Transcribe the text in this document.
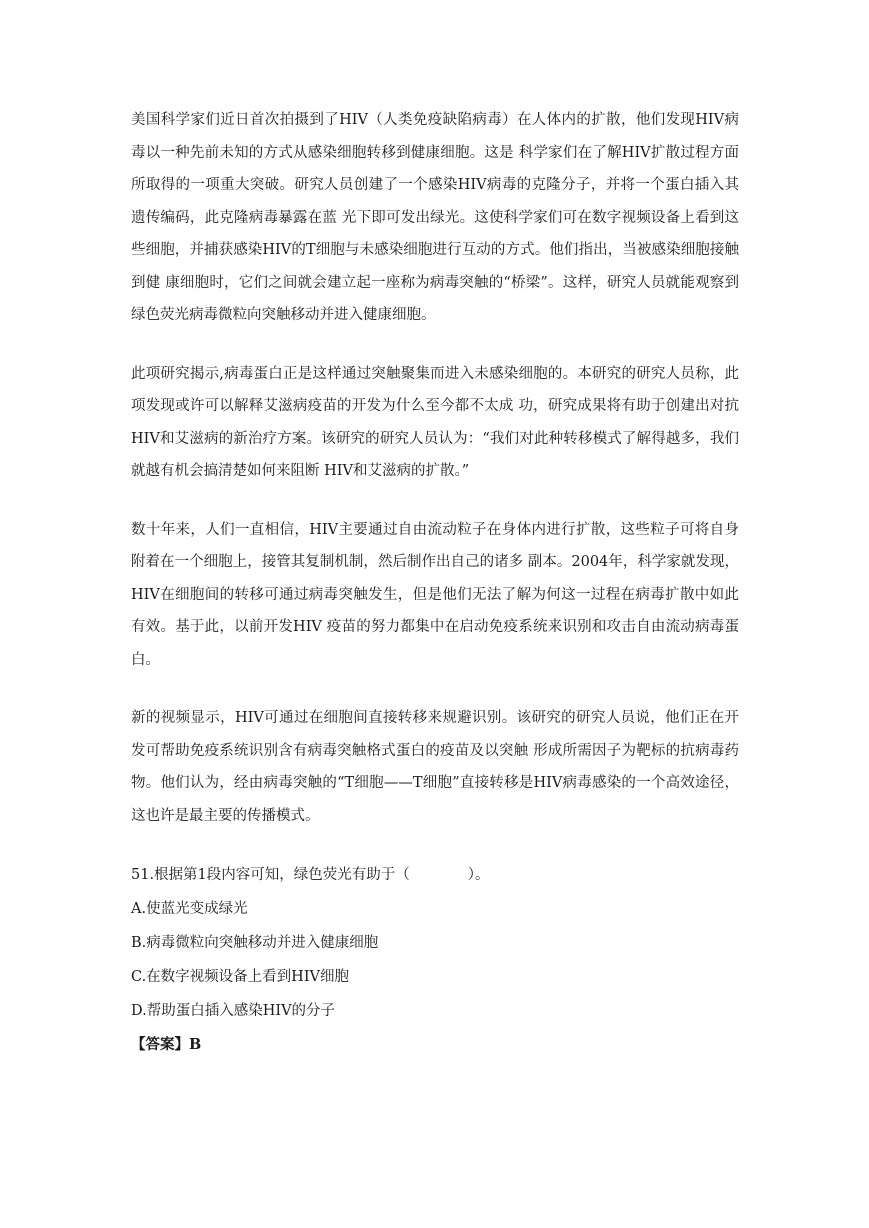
美国科学家们近日首次拍摄到了HIV（人类免疫缺陷病毒）在人体内的扩散，他们发现HIV病毒以一种先前未知的方式从感染细胞转移到健康细胞。这是 科学家们在了解HIV扩散过程方面所取得的一项重大突破。研究人员创建了一个感染HIV病毒的克隆分子，并将一个蛋白插入其遗传编码，此克隆病毒暴露在蓝 光下即可发出绿光。这使科学家们可在数字视频设备上看到这些细胞，并捕获感染HIV的T细胞与未感染细胞进行互动的方式。他们指出，当被感染细胞接触到健 康细胞时，它们之间就会建立起一座称为病毒突触的“桥梁”。这样，研究人员就能观察到绿色荧光病毒微粒向突触移动并进入健康细胞。

此项研究揭示,病毒蛋白正是这样通过突触聚集而进入未感染细胞的。本研究的研究人员称，此项发现或许可以解释艾滋病疫苗的开发为什么至今都不太成 功，研究成果将有助于创建出对抗HIV和艾滋病的新治疗方案。该研究的研究人员认为：“我们对此种转移模式了解得越多，我们就越有机会搞清楚如何来阻断 HIV和艾滋病的扩散。”

数十年来，人们一直相信，HIV主要通过自由流动粒子在身体内进行扩散，这些粒子可将自身附着在一个细胞上，接管其复制机制，然后制作出自己的诸多 副本。2004年，科学家就发现，HIV在细胞间的转移可通过病毒突触发生，但是他们无法了解为何这一过程在病毒扩散中如此有效。基于此，以前开发HIV 疫苗的努力都集中在启动免疫系统来识别和攻击自由流动病毒蛋白。

新的视频显示，HIV可通过在细胞间直接转移来规避识别。该研究的研究人员说，他们正在开发可帮助免疫系统识别含有病毒突触格式蛋白的疫苗及以突触 形成所需因子为靶标的抗病毒药物。他们认为，经由病毒突触的“T细胞——T细胞”直接转移是HIV病毒感染的一个高效途径，这也许是最主要的传播模式。

51.根据第1段内容可知，绿色荧光有助于（　　　　）。

A.使蓝光变成绿光

B.病毒微粒向突触移动并进入健康细胞

C.在数字视频设备上看到HIV细胞

D.帮助蛋白插入感染HIV的分子

【答案】B
